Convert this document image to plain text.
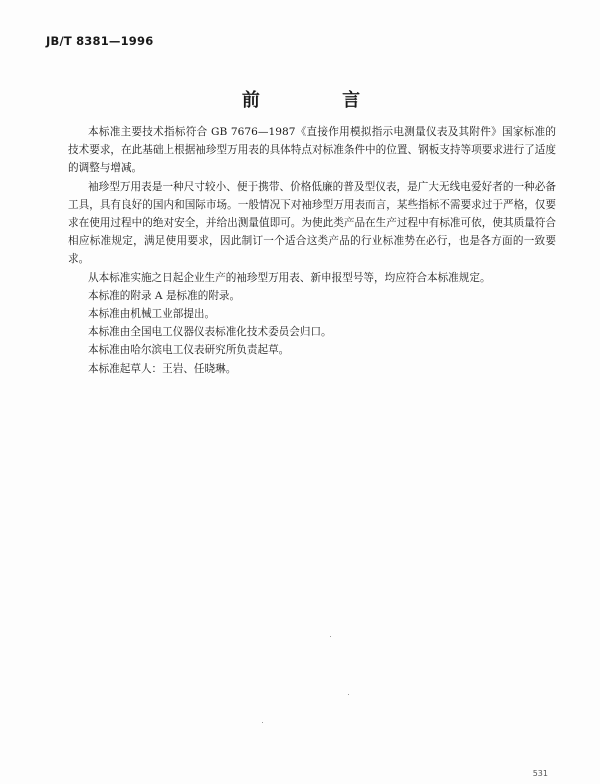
JB/T 8381—1996
前 言

本标准主要技术指标符合 GB 7676—1987《直接作用模拟指示电测量仪表及其附件》国家标准的技术要求，在此基础上根据袖珍型万用表的具体特点对标准条件中的位置、钢板支持等项要求进行了适度的调整与增减。

袖珍型万用表是一种尺寸较小、便于携带、价格低廉的普及型仪表，是广大无线电爱好者的一种必备工具，具有良好的国内和国际市场。一般情况下对袖珍型万用表而言，某些指标不需要求过于严格，仅要求在使用过程中的绝对安全，并给出测量值即可。为使此类产品在生产过程中有标准可依，使其质量符合相应标准规定，满足使用要求，因此制订一个适合这类产品的行业标准势在必行，也是各方面的一致要求。

从本标准实施之日起企业生产的袖珍型万用表、新申报型号等，均应符合本标准规定。

本标准的附录 A 是标准的附录。

本标准由机械工业部提出。

本标准由全国电工仪器仪表标准化技术委员会归口。

本标准由哈尔滨电工仪表研究所负责起草。

本标准起草人：王岩、任晓琳。

531
